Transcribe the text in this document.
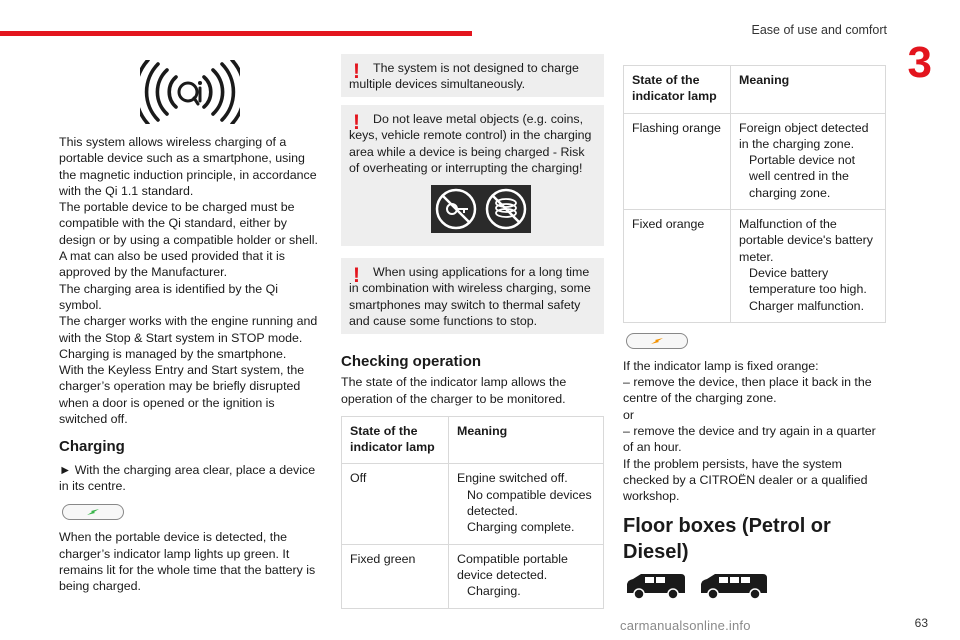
Ease of use and comfort
3
63
carmanualsonline.info

This system allows wireless charging of a portable device such as a smartphone, using the magnetic induction principle, in accordance with the Qi 1.1 standard.

The portable device to be charged must be compatible with the Qi standard, either by design or by using a compatible holder or shell.

A mat can also be used provided that it is approved by the Manufacturer.

The charging area is identified by the Qi symbol.

The charger works with the engine running and with the Stop & Start system in STOP mode.

Charging is managed by the smartphone.

With the Keyless Entry and Start system, the charger’s operation may be briefly disrupted when a door is opened or the ignition is switched off.

Charging

► With the charging area clear, place a device in its centre.

When the portable device is detected, the charger’s indicator lamp lights up green. It remains lit for the whole time that the battery is being charged.

!	The system is not designed to charge multiple devices simultaneously.

!	Do not leave metal objects (e.g. coins, keys, vehicle remote control) in the charging area while a device is being charged - Risk of overheating or interrupting the charging!

!	When using applications for a long time in combination with wireless charging, some smartphones may switch to thermal safety and cause some functions to stop.

Checking operation

The state of the indicator lamp allows the operation of the charger to be monitored.

State of the indicator lamp	Meaning
Off	Engine switched off.
No compatible devices detected.
Charging complete.

Fixed green	Compatible portable device detected.
Charging.
State of the indicator lamp	Meaning
Flashing orange	Foreign object detected in the charging zone.
Portable device not well centred in the charging zone.

Fixed orange	Malfunction of the portable device's battery meter.
Device battery temperature too high.
Charger malfunction.

If the indicator lamp is fixed orange:

– remove the device, then place it back in the centre of the charging zone.

or

– remove the device and try again in a quarter of an hour.

If the problem persists, have the system checked by a CITROËN dealer or a qualified workshop.

Floor boxes (Petrol or Diesel)
